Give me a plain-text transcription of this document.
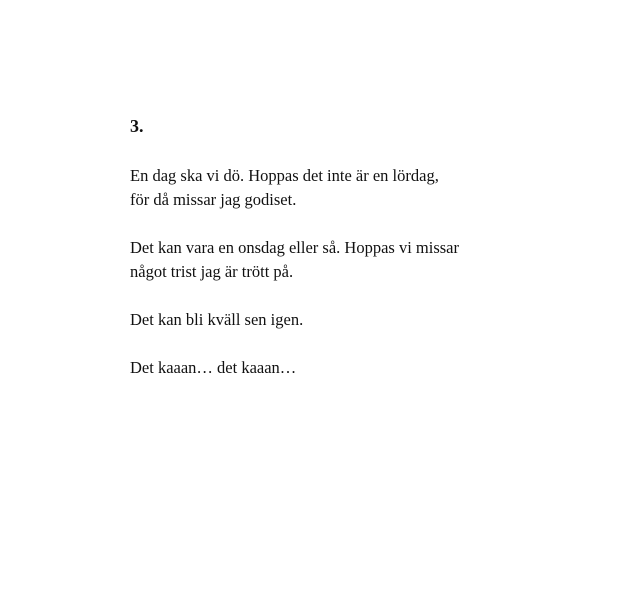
3.

En dag ska vi dö. Hoppas det inte är en lördag,
för då missar jag godiset.

Det kan vara en onsdag eller så. Hoppas vi missar
något trist jag är trött på.

Det kan bli kväll sen igen.

Det kaaan… det kaaan…
